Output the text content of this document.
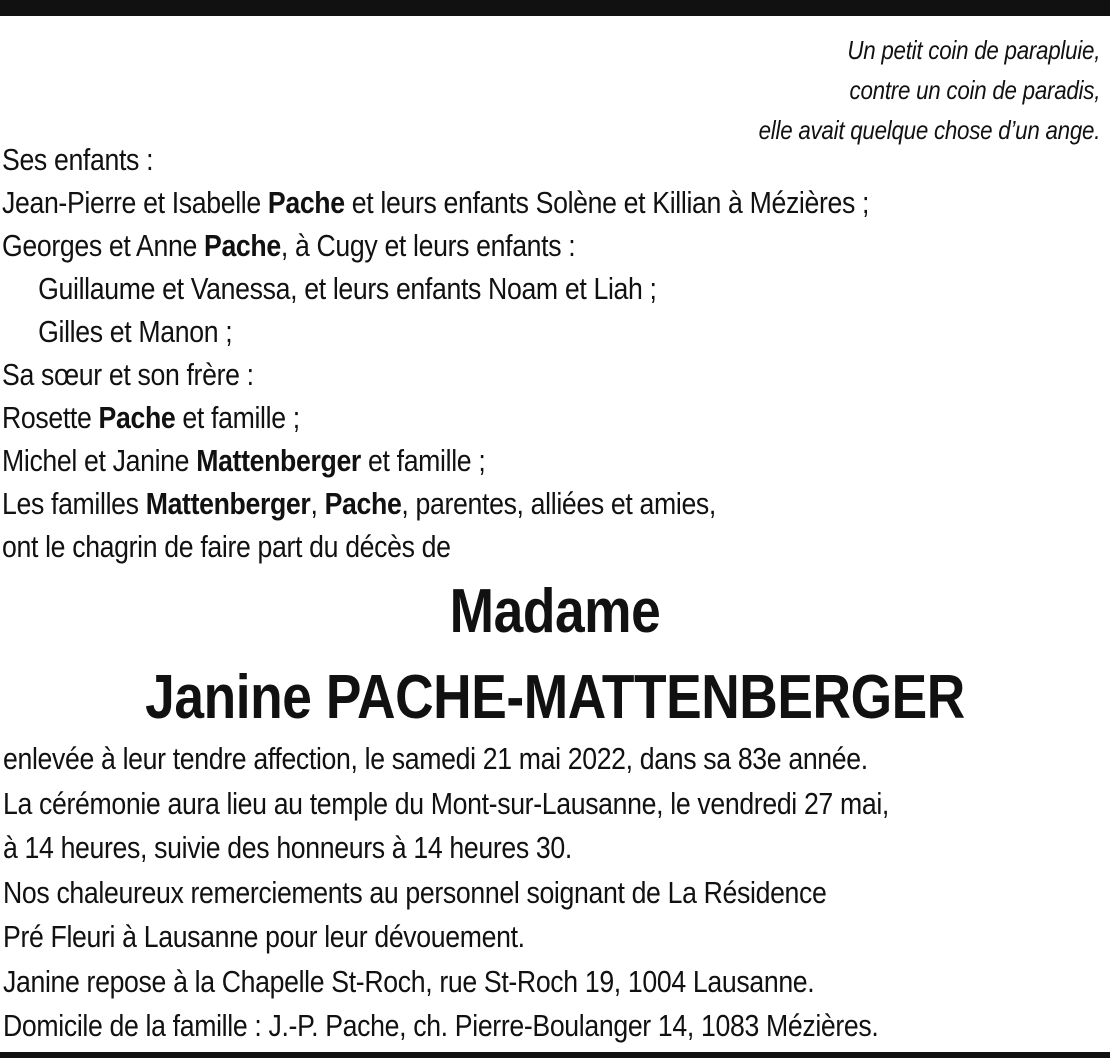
Un petit coin de parapluie,
contre un coin de paradis,
elle avait quelque chose d’un ange.
Ses enfants :
Jean-Pierre et Isabelle Pache et leurs enfants Solène et Killian à Mézières ;
Georges et Anne Pache, à Cugy et leurs enfants :
Guillaume et Vanessa, et leurs enfants Noam et Liah ;
Gilles et Manon ;
Sa sœur et son frère :
Rosette Pache et famille ;
Michel et Janine Mattenberger et famille ;
Les familles Mattenberger, Pache, parentes, alliées et amies,
ont le chagrin de faire part du décès de
Madame
Janine PACHE-MATTENBERGER
enlevée à leur tendre affection, le samedi 21 mai 2022, dans sa 83e année.
La cérémonie aura lieu au temple du Mont-sur-Lausanne, le vendredi 27 mai,
à 14 heures, suivie des honneurs à 14 heures 30.
Nos chaleureux remerciements au personnel soignant de La Résidence
Pré Fleuri à Lausanne pour leur dévouement.
Janine repose à la Chapelle St-Roch, rue St-Roch 19, 1004 Lausanne.
Domicile de la famille : J.-P. Pache, ch. Pierre-Boulanger 14, 1083 Mézières.
